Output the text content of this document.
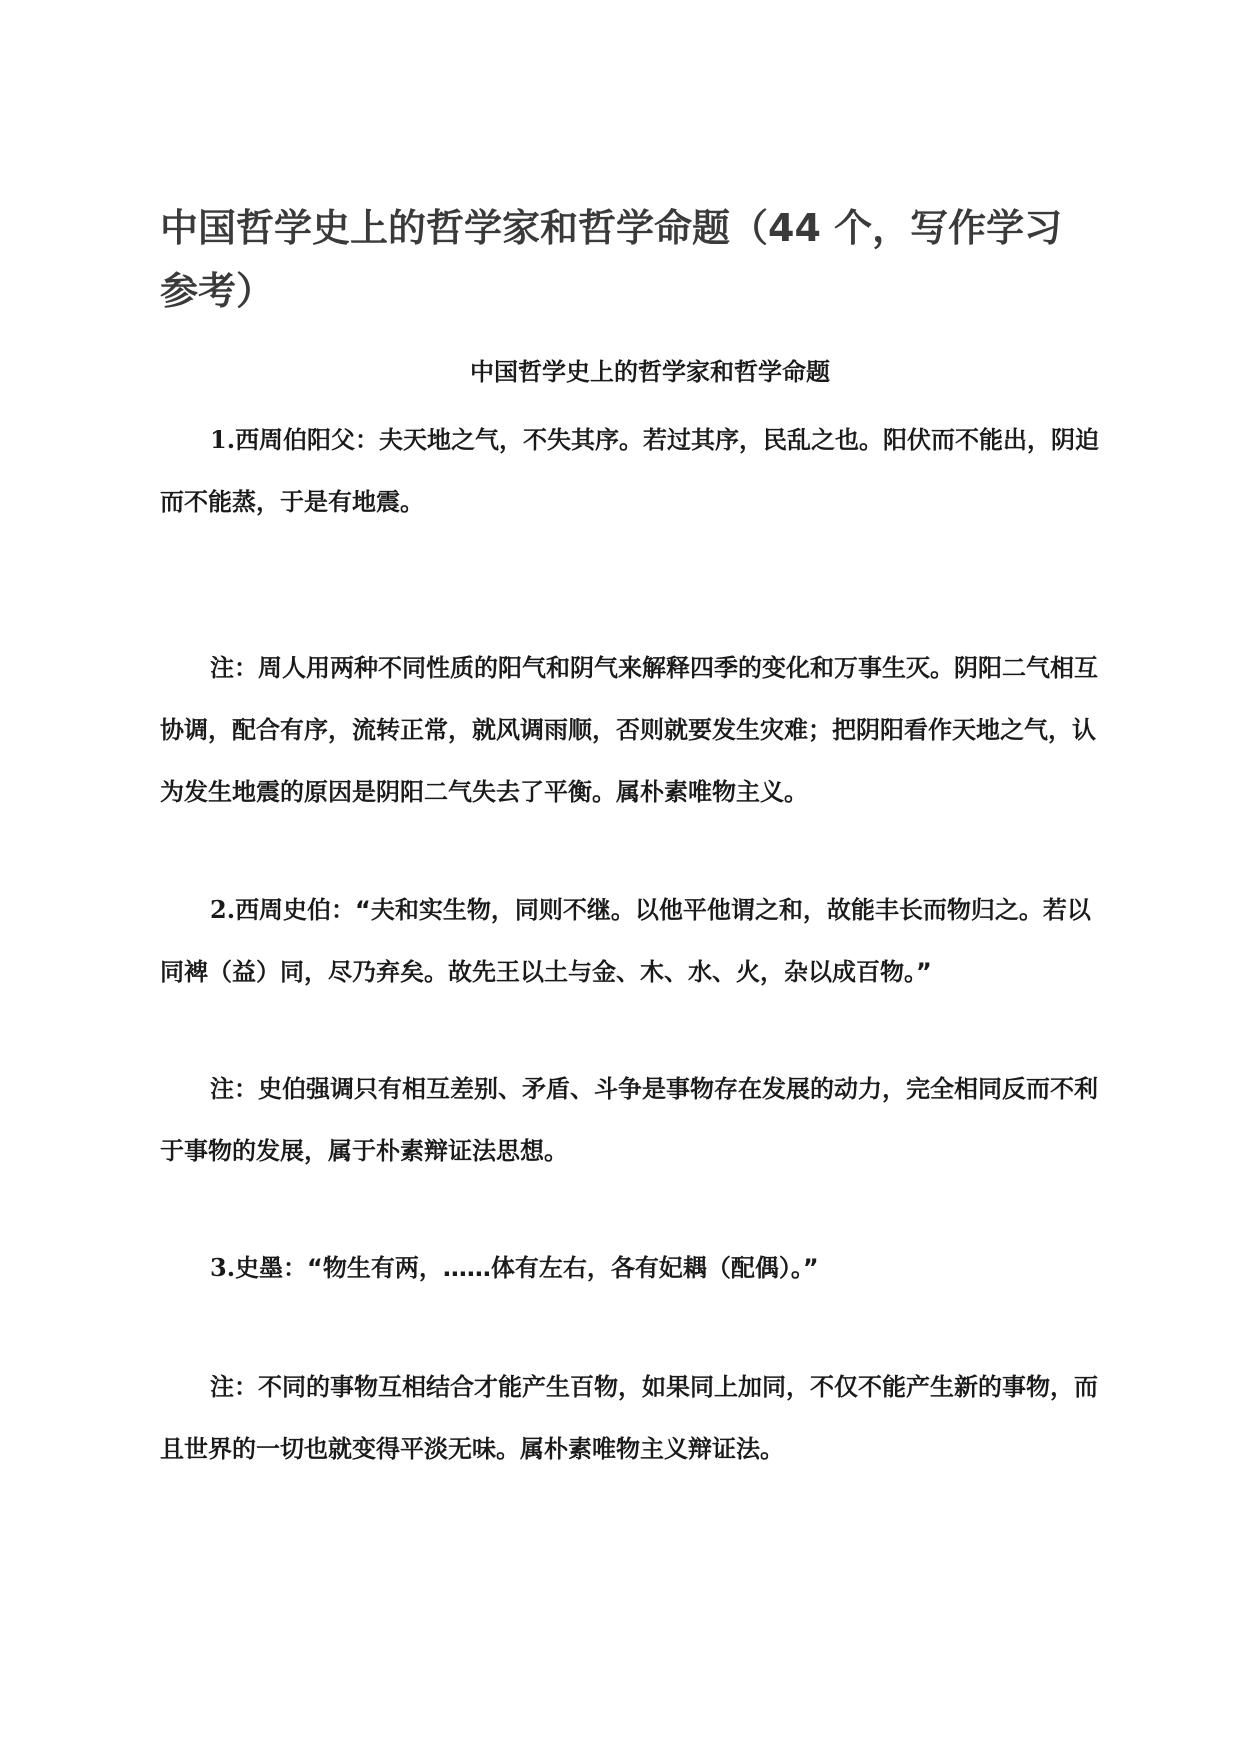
中国哲学史上的哲学家和哲学命题（44 个，写作学习参考）
中国哲学史上的哲学家和哲学命题

1.西周伯阳父：夫天地之气，不失其序。若过其序，民乱之也。阳伏而不能出，阴迫而不能蒸，于是有地震。

注：周人用两种不同性质的阳气和阴气来解释四季的变化和万事生灭。阴阳二气相互协调，配合有序，流转正常，就风调雨顺，否则就要发生灾难；把阴阳看作天地之气，认为发生地震的原因是阴阳二气失去了平衡。属朴素唯物主义。

2.西周史伯：“夫和实生物，同则不继。以他平他谓之和，故能丰长而物归之。若以同裨（益）同，尽乃弃矣。故先王以土与金、木、水、火，杂以成百物。”

注：史伯强调只有相互差别、矛盾、斗争是事物存在发展的动力，完全相同反而不利于事物的发展，属于朴素辩证法思想。

3.史墨：“物生有两，……体有左右，各有妃耦（配偶）。”

注：不同的事物互相结合才能产生百物，如果同上加同，不仅不能产生新的事物，而且世界的一切也就变得平淡无味。属朴素唯物主义辩证法。
